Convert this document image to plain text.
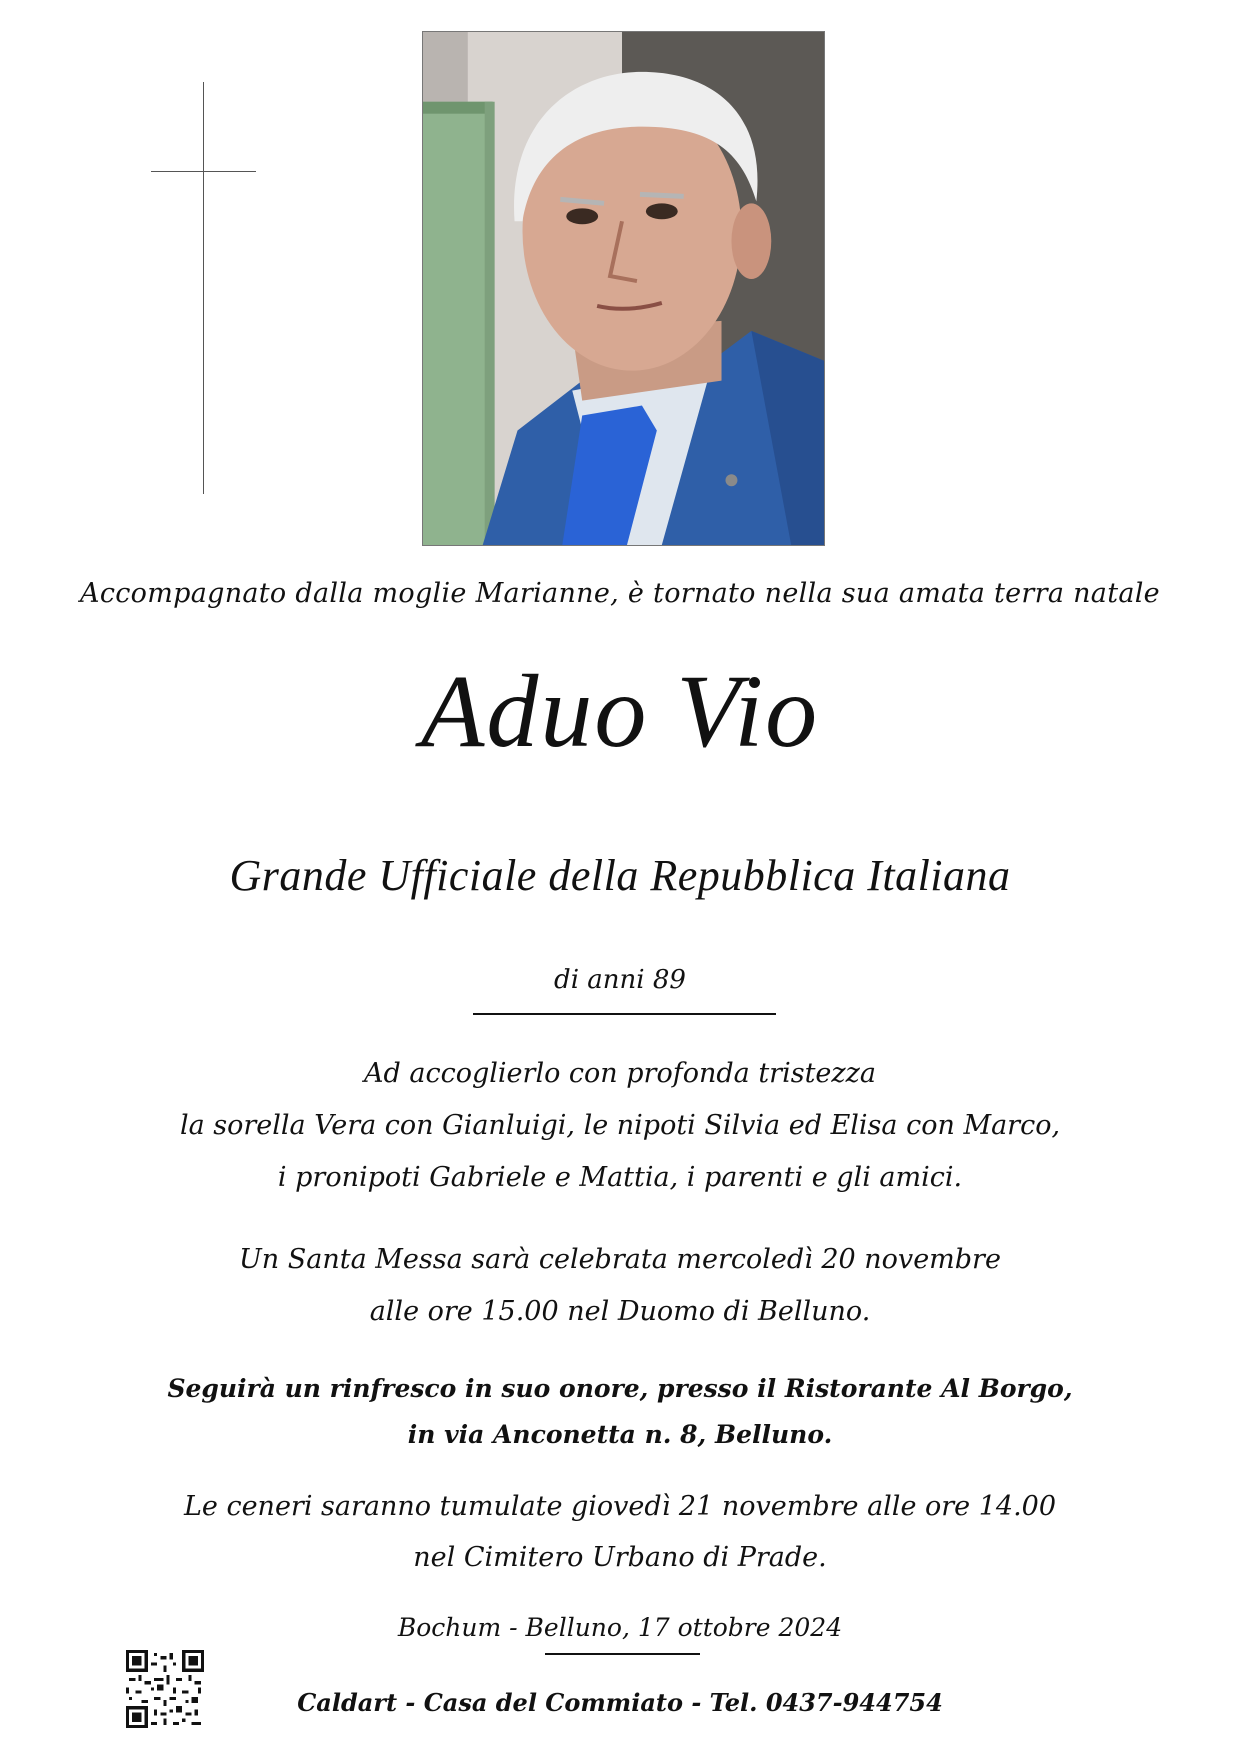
Accompagnato dalla moglie Marianne, è tornato nella sua amata terra natale
Aduo Vio
Grande Ufficiale della Repubblica Italiana
di anni 89
Ad accoglierlo con profonda tristezza
la sorella Vera con Gianluigi, le nipoti Silvia ed Elisa con Marco,
i pronipoti Gabriele e Mattia, i parenti e gli amici.
Un Santa Messa sarà celebrata mercoledì 20 novembre
alle ore 15.00 nel Duomo di Belluno.
Seguirà un rinfresco in suo onore, presso il Ristorante Al Borgo,
in via Anconetta n. 8, Belluno.
Le ceneri saranno tumulate giovedì 21 novembre alle ore 14.00
nel Cimitero Urbano di Prade.
Bochum - Belluno, 17 ottobre 2024
Caldart - Casa del Commiato - Tel. 0437-944754
